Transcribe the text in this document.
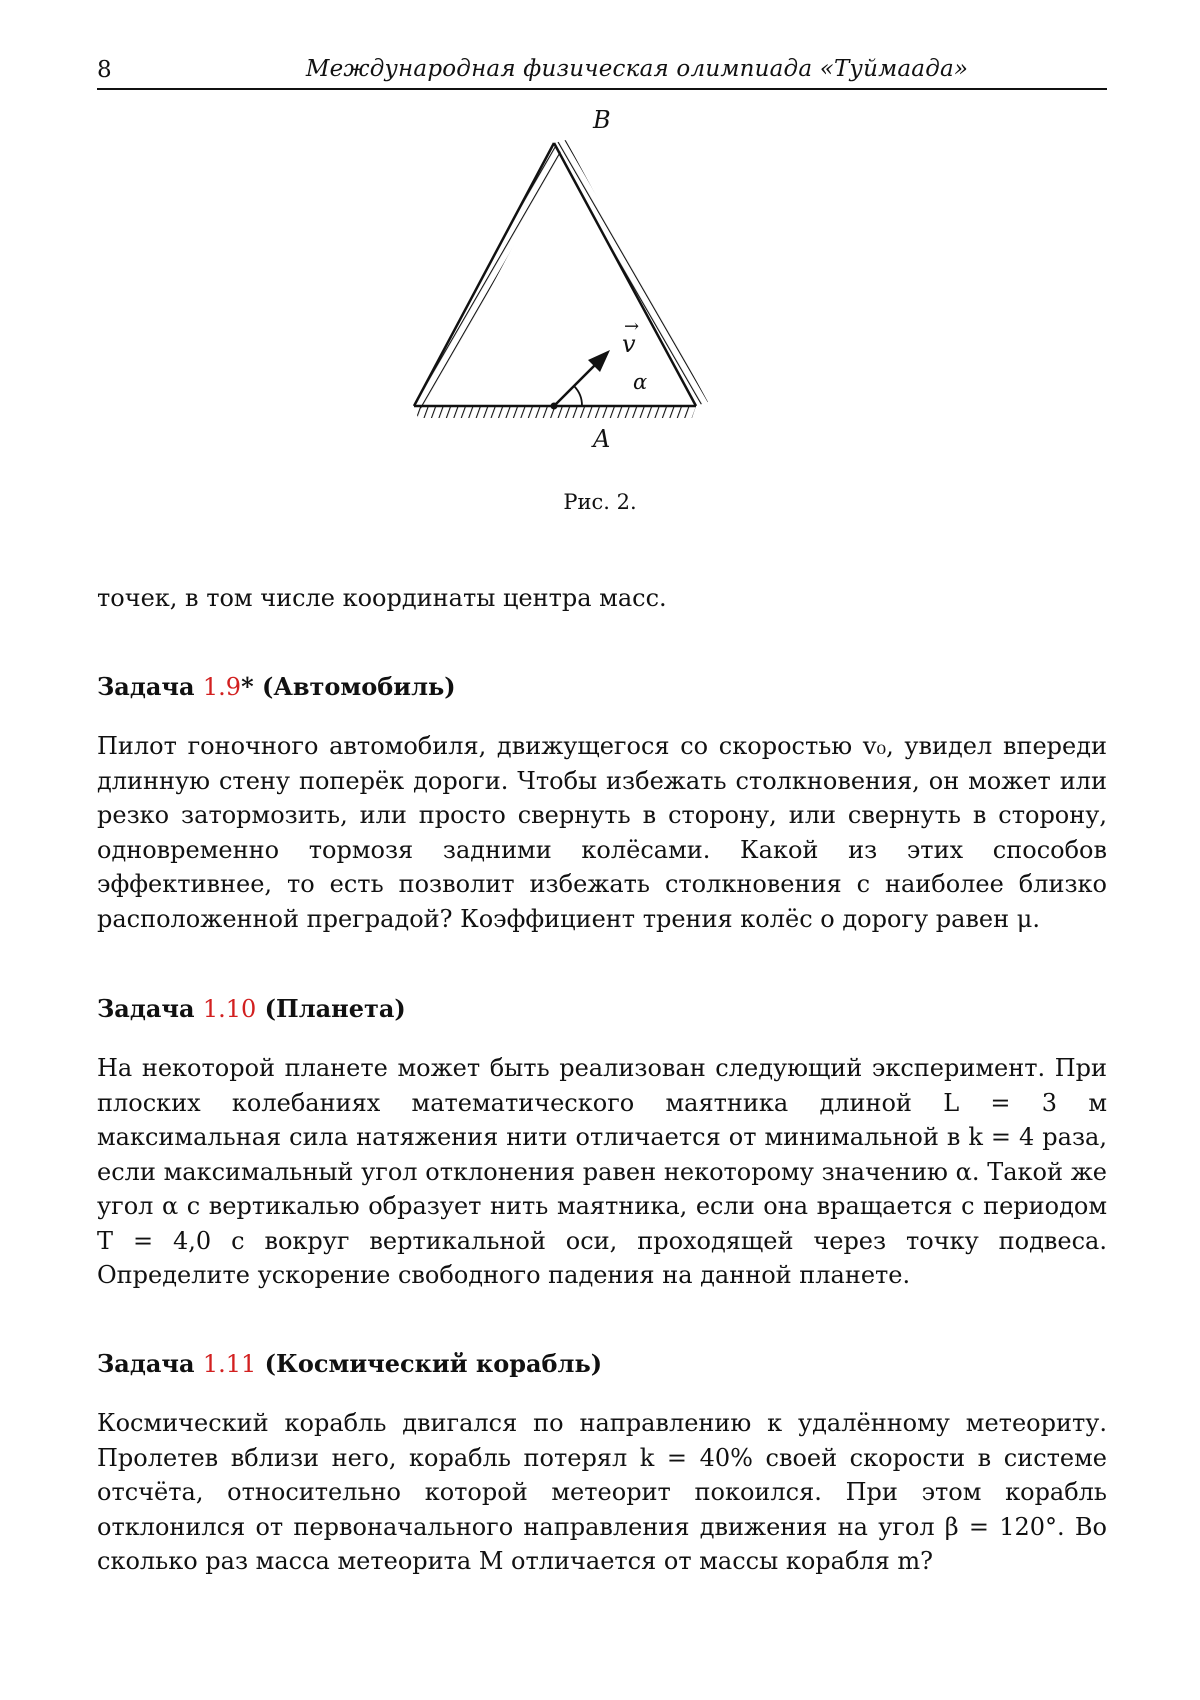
8	Международная физическая олимпиада «Туймаада»
B
A
→
v
α
Рис. 2.
точек, в том числе координаты центра масс.
Задача 1.9* (Автомобиль)
Пилот гоночного автомобиля, движущегося со скоростью v₀, увидел впереди длинную стену поперёк дороги. Чтобы избежать столкновения, он может или резко затормозить, или просто свернуть в сторону, или свернуть в сторону, одновременно тормозя задними колёсами. Какой из этих способов эффективнее, то есть позволит избежать столкновения с наиболее близко расположенной преградой? Коэффициент трения колёс о дорогу равен μ.
Задача 1.10 (Планета)
На некоторой планете может быть реализован следующий эксперимент. При плоских колебаниях математического маятника длиной L = 3 м максимальная сила натяжения нити отличается от минимальной в k = 4 раза, если максимальный угол отклонения равен некоторому значению α. Такой же угол α с вертикалью образует нить маятника, если она вращается с периодом T = 4,0 с вокруг вертикальной оси, проходящей через точку подвеса. Определите ускорение свободного падения на данной планете.
Задача 1.11 (Космический корабль)
Космический корабль двигался по направлению к удалённому метеориту. Пролетев вблизи него, корабль потерял k = 40% своей скорости в системе отсчёта, относительно которой метеорит покоился. При этом корабль отклонился от первоначального направления движения на угол β = 120°. Во сколько раз масса метеорита M отличается от массы корабля m?
